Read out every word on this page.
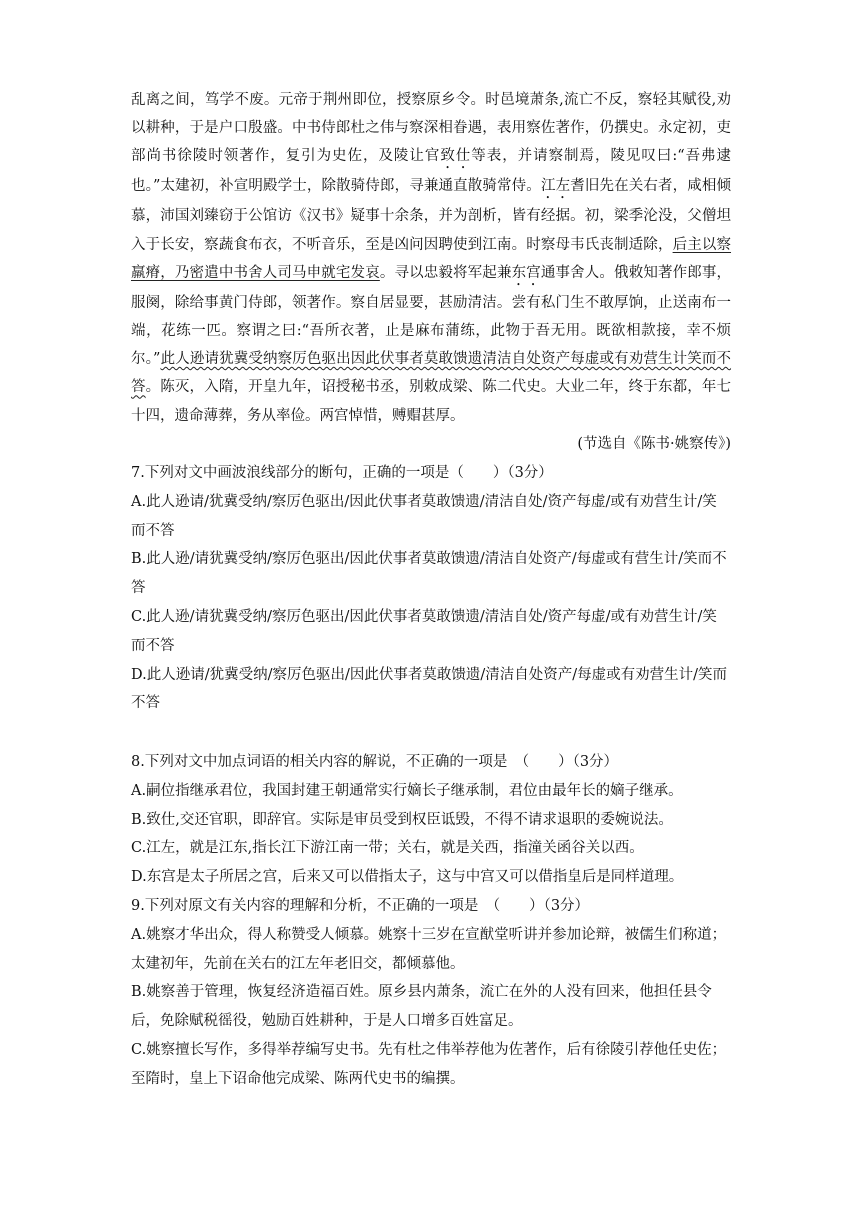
乱离之间，笃学不废。元帝于荆州即位，授察原乡令。时邑境萧条,流亡不反，察轻其赋役,劝以耕种，于是户口殷盛。中书侍郎杜之伟与察深相眷遇，表用察佐著作，仍撰史。永定初，吏部尚书徐陵时领著作，复引为史佐，及陵让官致仕等表，并请察制焉，陵见叹曰:“吾弗逮也。”太建初，补宣明殿学士，除散骑侍郎，寻兼通直散骑常侍。江左耆旧先在关右者，咸相倾慕，沛国刘臻窃于公馆访《汉书》疑事十余条，并为剖析，皆有经据。初，梁季沦没，父僧坦入于长安，察蔬食布衣，不听音乐，至是凶问因聘使到江南。时察母韦氏丧制适除，后主以察羸瘠，乃密遣中书舍人司马申就宅发哀。寻以忠毅将军起兼东宫通事舍人。俄敕知著作郎事，服阕，除给事黄门侍郎，领著作。察自居显要，甚励清洁。尝有私门生不敢厚饷，止送南布一端，花练一匹。察谓之曰:“吾所衣著，止是麻布蒲练，此物于吾无用。既欲相款接，幸不烦尔。”此人逊请犹冀受纳察厉色驱出因此伏事者莫敢馈遗清洁自处资产每虚或有劝营生计笑而不答。陈灭，入隋，开皇九年，诏授秘书丞，别敕成梁、陈二代史。大业二年，终于东都，年七十四，遗命薄葬，务从率俭。两宫悼惜，赙赗甚厚。

(节选自《陈书·姚察传》)

7.下列对文中画波浪线部分的断句，正确的一项是（　　）（3分）

A.此人逊请/犹冀受纳/察厉色驱出/因此伏事者莫敢馈遗/清洁自处/资产每虚/或有劝营生计/笑而不答

B.此人逊/请犹冀受纳/察厉色驱出/因此伏事者莫敢馈遗/清洁自处资产/每虚或有营生计/笑而不答

C.此人逊/请犹冀受纳/察厉色驱出/因此伏事者莫敢馈遗/清洁自处/资产每虚/或有劝营生计/笑而不答

D.此人逊请/犹冀受纳/察厉色驱出/因此伏事者莫敢馈遗/清洁自处资产/每虚或有劝营生计/笑而不答

8.下列对文中加点词语的相关内容的解说，不正确的一项是　（　　）（3分）

A.嗣位指继承君位，我国封建王朝通常实行嫡长子继承制，君位由最年长的嫡子继承。

B.致仕,交还官职，即辞官。实际是审员受到权臣诋毁，不得不请求退职的委婉说法。

C.江左，就是江东,指长江下游江南一带；关右，就是关西，指潼关函谷关以西。

D.东宫是太子所居之宫，后来又可以借指太子，这与中宫又可以借指皇后是同样道理。

9.下列对原文有关内容的理解和分析，不正确的一项是　（　　）（3分）

A.姚察才华出众，得人称赞受人倾慕。姚察十三岁在宣猷堂听讲并参加论辩，被儒生们称道；太建初年，先前在关右的江左年老旧交，都倾慕他。

B.姚察善于管理，恢复经济造福百姓。原乡县内萧条，流亡在外的人没有回来，他担任县令后，免除赋税徭役，勉励百姓耕种，于是人口增多百姓富足。

C.姚察擅长写作，多得举荐编写史书。先有杜之伟举荐他为佐著作，后有徐陵引荐他任史佐；至隋时，皇上下诏命他完成梁、陈两代史书的编撰。
